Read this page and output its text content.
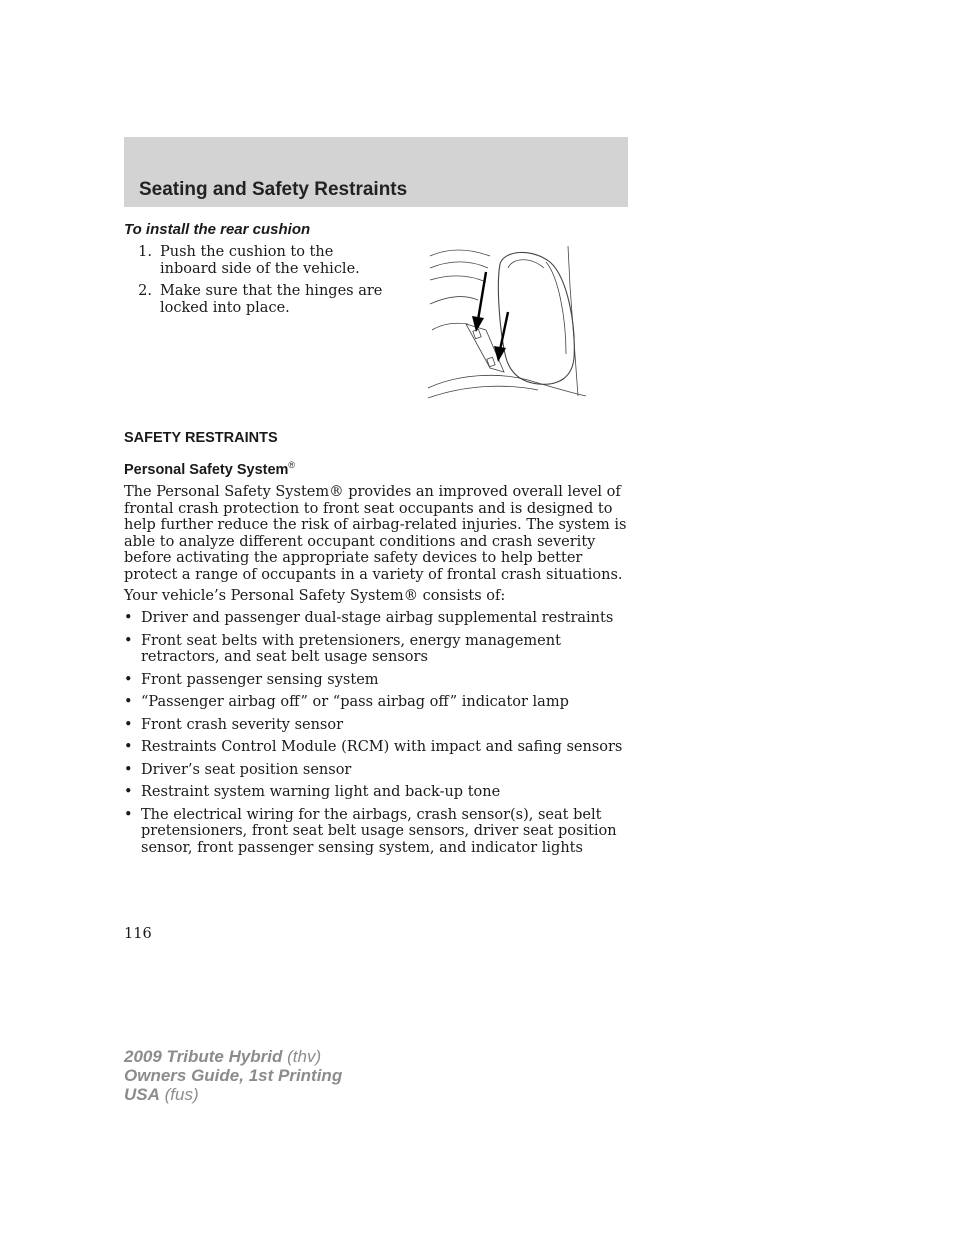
Seating and Safety Restraints
To install the rear cushion
1. Push the cushion to the inboard side of the vehicle.
2. Make sure that the hinges are locked into place.
SAFETY RESTRAINTS
Personal Safety System®

The Personal Safety System® provides an improved overall level of frontal crash protection to front seat occupants and is designed to help further reduce the risk of airbag-related injuries. The system is able to analyze different occupant conditions and crash severity before activating the appropriate safety devices to help better protect a range of occupants in a variety of frontal crash situations.

Your vehicle’s Personal Safety System® consists of:

• Driver and passenger dual-stage airbag supplemental restraints
• Front seat belts with pretensioners, energy management retractors, and seat belt usage sensors
• Front passenger sensing system
• “Passenger airbag off” or “pass airbag off” indicator lamp
• Front crash severity sensor
• Restraints Control Module (RCM) with impact and safing sensors
• Driver’s seat position sensor
• Restraint system warning light and back-up tone
• The electrical wiring for the airbags, crash sensor(s), seat belt pretensioners, front seat belt usage sensors, driver seat position sensor, front passenger sensing system, and indicator lights

116

2009 Tribute Hybrid (thv)
Owners Guide, 1st Printing
USA (fus)
